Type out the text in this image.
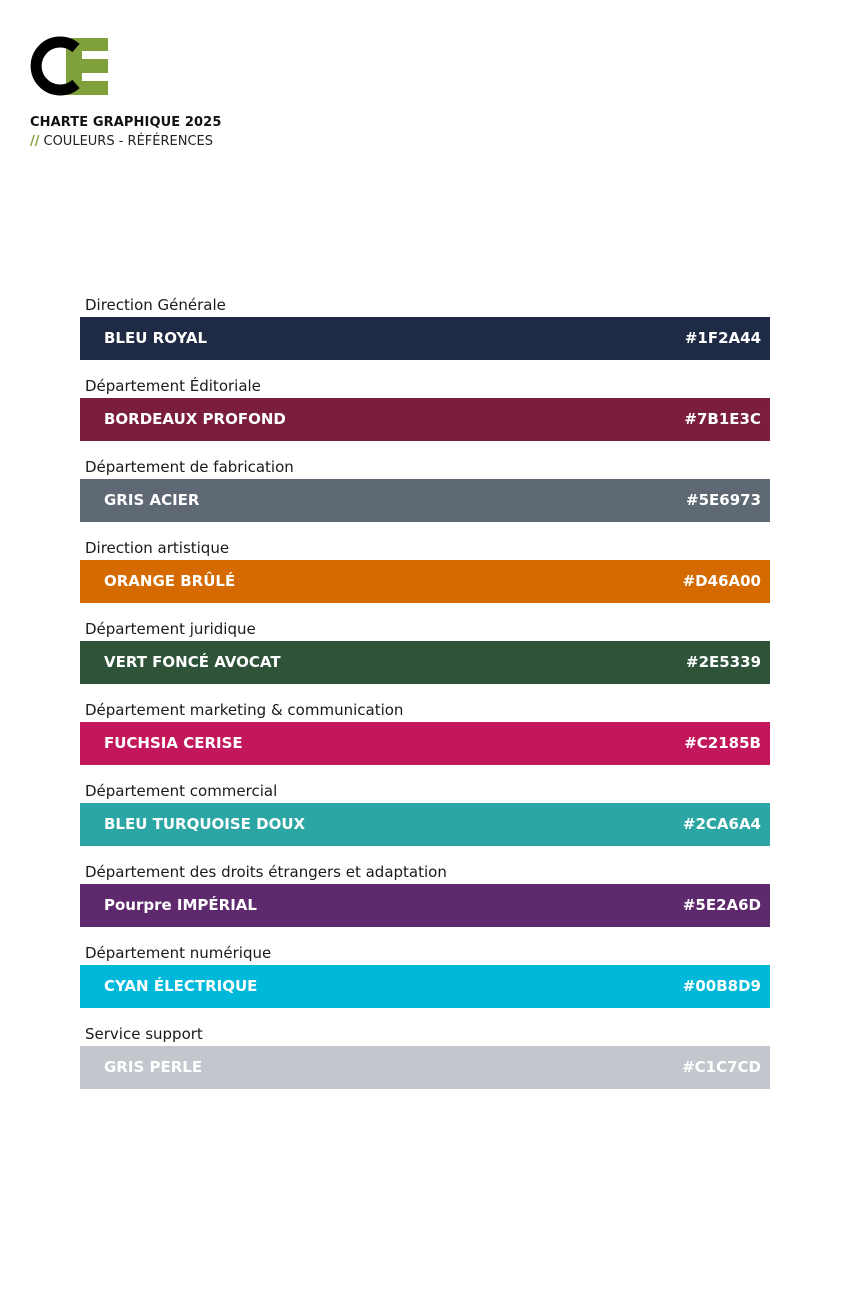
CHARTE GRAPHIQUE 2025
// COULEURS - RÉFÉRENCES
Direction Générale
BLEU ROYAL	#1F2A44
Département Éditoriale
BORDEAUX PROFOND	#7B1E3C
Département de fabrication
GRIS ACIER	#5E6973
Direction artistique
ORANGE BRÛLÉ	#D46A00
Département juridique
VERT FONCÉ AVOCAT	#2E5339
Département marketing & communication
FUCHSIA CERISE	#C2185B
Département commercial
BLEU TURQUOISE DOUX	#2CA6A4
Département des droits étrangers et adaptation
Pourpre IMPÉRIAL	#5E2A6D
Département numérique
CYAN ÉLECTRIQUE	#00B8D9
Service support
GRIS PERLE	#C1C7CD
